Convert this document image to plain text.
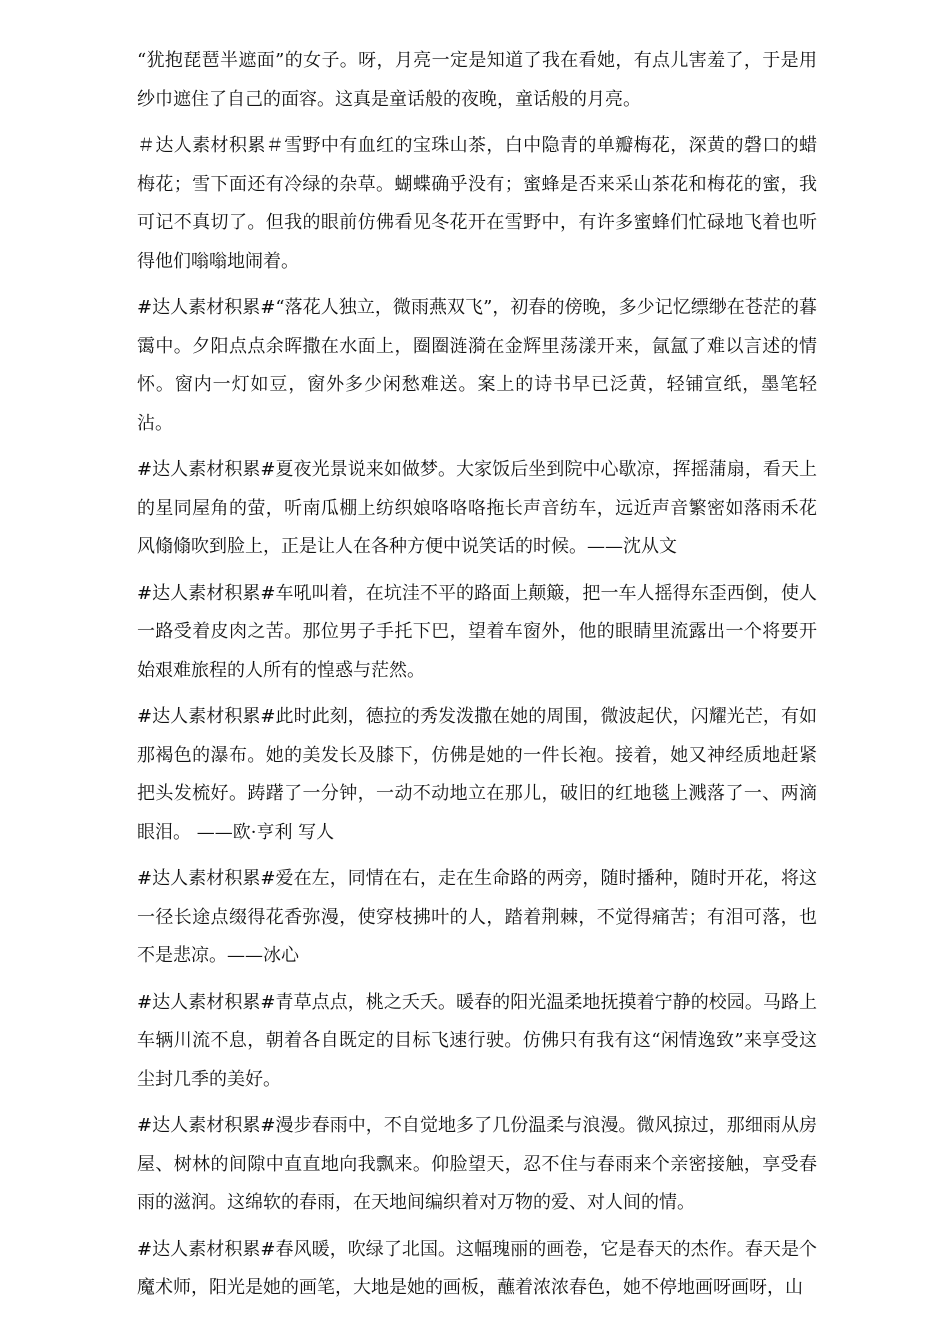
“犹抱琵琶半遮面”的女子。呀，月亮一定是知道了我在看她，有点儿害羞了，于是用纱巾遮住了自己的面容。这真是童话般的夜晚，童话般的月亮。

＃达人素材积累＃雪野中有血红的宝珠山茶，白中隐青的单瓣梅花，深黄的磬口的蜡梅花；雪下面还有冷绿的杂草。蝴蝶确乎没有；蜜蜂是否来采山茶花和梅花的蜜，我可记不真切了。但我的眼前仿佛看见冬花开在雪野中，有许多蜜蜂们忙碌地飞着也听得他们嗡嗡地闹着。

#达人素材积累#“落花人独立，微雨燕双飞”，初春的傍晚，多少记忆缥缈在苍茫的暮霭中。夕阳点点余晖撒在水面上，圈圈涟漪在金辉里荡漾开来，氤氲了难以言述的情怀。窗内一灯如豆，窗外多少闲愁难送。案上的诗书早已泛黄，轻铺宣纸，墨笔轻沾。

#达人素材积累#夏夜光景说来如做梦。大家饭后坐到院中心歇凉，挥摇蒲扇，看天上的星同屋角的萤，听南瓜棚上纺织娘咯咯咯拖长声音纺车，远近声音繁密如落雨禾花风翛翛吹到脸上，正是让人在各种方便中说笑话的时候。——沈从文

#达人素材积累#车吼叫着，在坑洼不平的路面上颠簸，把一车人摇得东歪西倒，使人一路受着皮肉之苦。那位男子手托下巴，望着车窗外，他的眼睛里流露出一个将要开始艰难旅程的人所有的惶惑与茫然。

#达人素材积累#此时此刻，德拉的秀发泼撒在她的周围，微波起伏，闪耀光芒，有如那褐色的瀑布。她的美发长及膝下，仿佛是她的一件长袍。接着，她又神经质地赶紧把头发梳好。踌躇了一分钟，一动不动地立在那儿，破旧的红地毯上溅落了一、两滴眼泪。 ——欧·亨利 写人

#达人素材积累#爱在左，同情在右，走在生命路的两旁，随时播种，随时开花，将这一径长途点缀得花香弥漫，使穿枝拂叶的人，踏着荆棘，不觉得痛苦；有泪可落，也不是悲凉。——冰心

#达人素材积累#青草点点，桃之夭夭。暖春的阳光温柔地抚摸着宁静的校园。马路上车辆川流不息，朝着各自既定的目标飞速行驶。仿佛只有我有这“闲情逸致”来享受这尘封几季的美好。

#达人素材积累#漫步春雨中，不自觉地多了几份温柔与浪漫。微风掠过，那细雨从房屋、树林的间隙中直直地向我飘来。仰脸望天，忍不住与春雨来个亲密接触，享受春雨的滋润。这绵软的春雨，在天地间编织着对万物的爱、对人间的情。

#达人素材积累#春风暖，吹绿了北国。这幅瑰丽的画卷，它是春天的杰作。春天是个魔术师，阳光是她的画笔，大地是她的画板，蘸着浓浓春色，她不停地画呀画呀，山
